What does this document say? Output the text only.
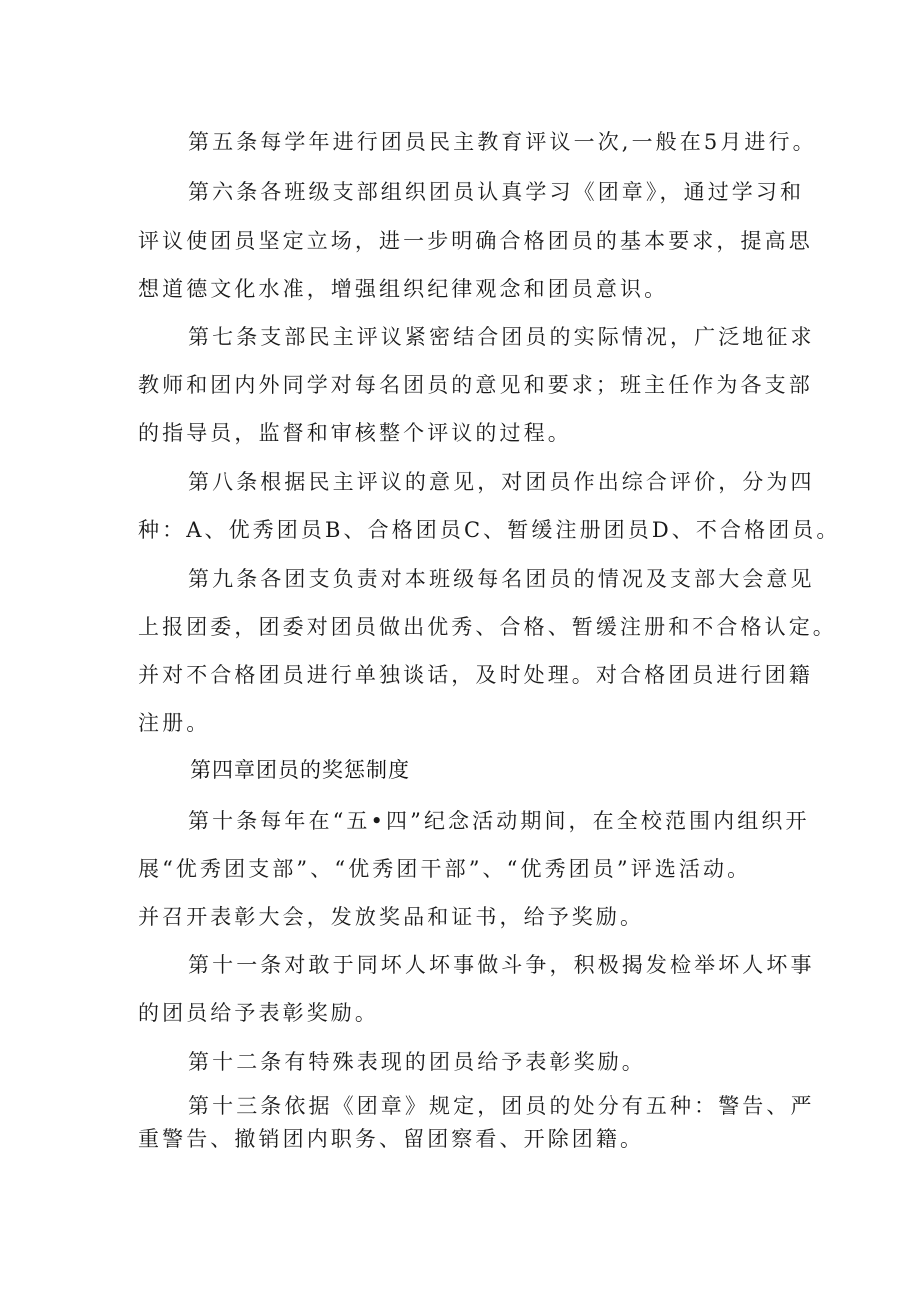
第五条每学年进行团员民主教育评议一次,一般在5月进行。
第六条各班级支部组织团员认真学习《团章》，通过学习和
评议使团员坚定立场，进一步明确合格团员的基本要求，提高思
想道德文化水准，增强组织纪律观念和团员意识。
第七条支部民主评议紧密结合团员的实际情况，广泛地征求
教师和团内外同学对每名团员的意见和要求；班主任作为各支部
的指导员，监督和审核整个评议的过程。
第八条根据民主评议的意见，对团员作出综合评价，分为四
种：A、优秀团员B、合格团员C、暂缓注册团员D、不合格团员。
第九条各团支负责对本班级每名团员的情况及支部大会意见
上报团委，团委对团员做出优秀、合格、暂缓注册和不合格认定。
并对不合格团员进行单独谈话，及时处理。对合格团员进行团籍
注册。
第四章团员的奖惩制度
第十条每年在“五•四”纪念活动期间，在全校范围内组织开
展“优秀团支部”、“优秀团干部”、“优秀团员”评选活动。
并召开表彰大会，发放奖品和证书，给予奖励。
第十一条对敢于同坏人坏事做斗争，积极揭发检举坏人坏事
的团员给予表彰奖励。
第十二条有特殊表现的团员给予表彰奖励。
第十三条依据《团章》规定，团员的处分有五种：警告、严
重警告、撤销团内职务、留团察看、开除团籍。
